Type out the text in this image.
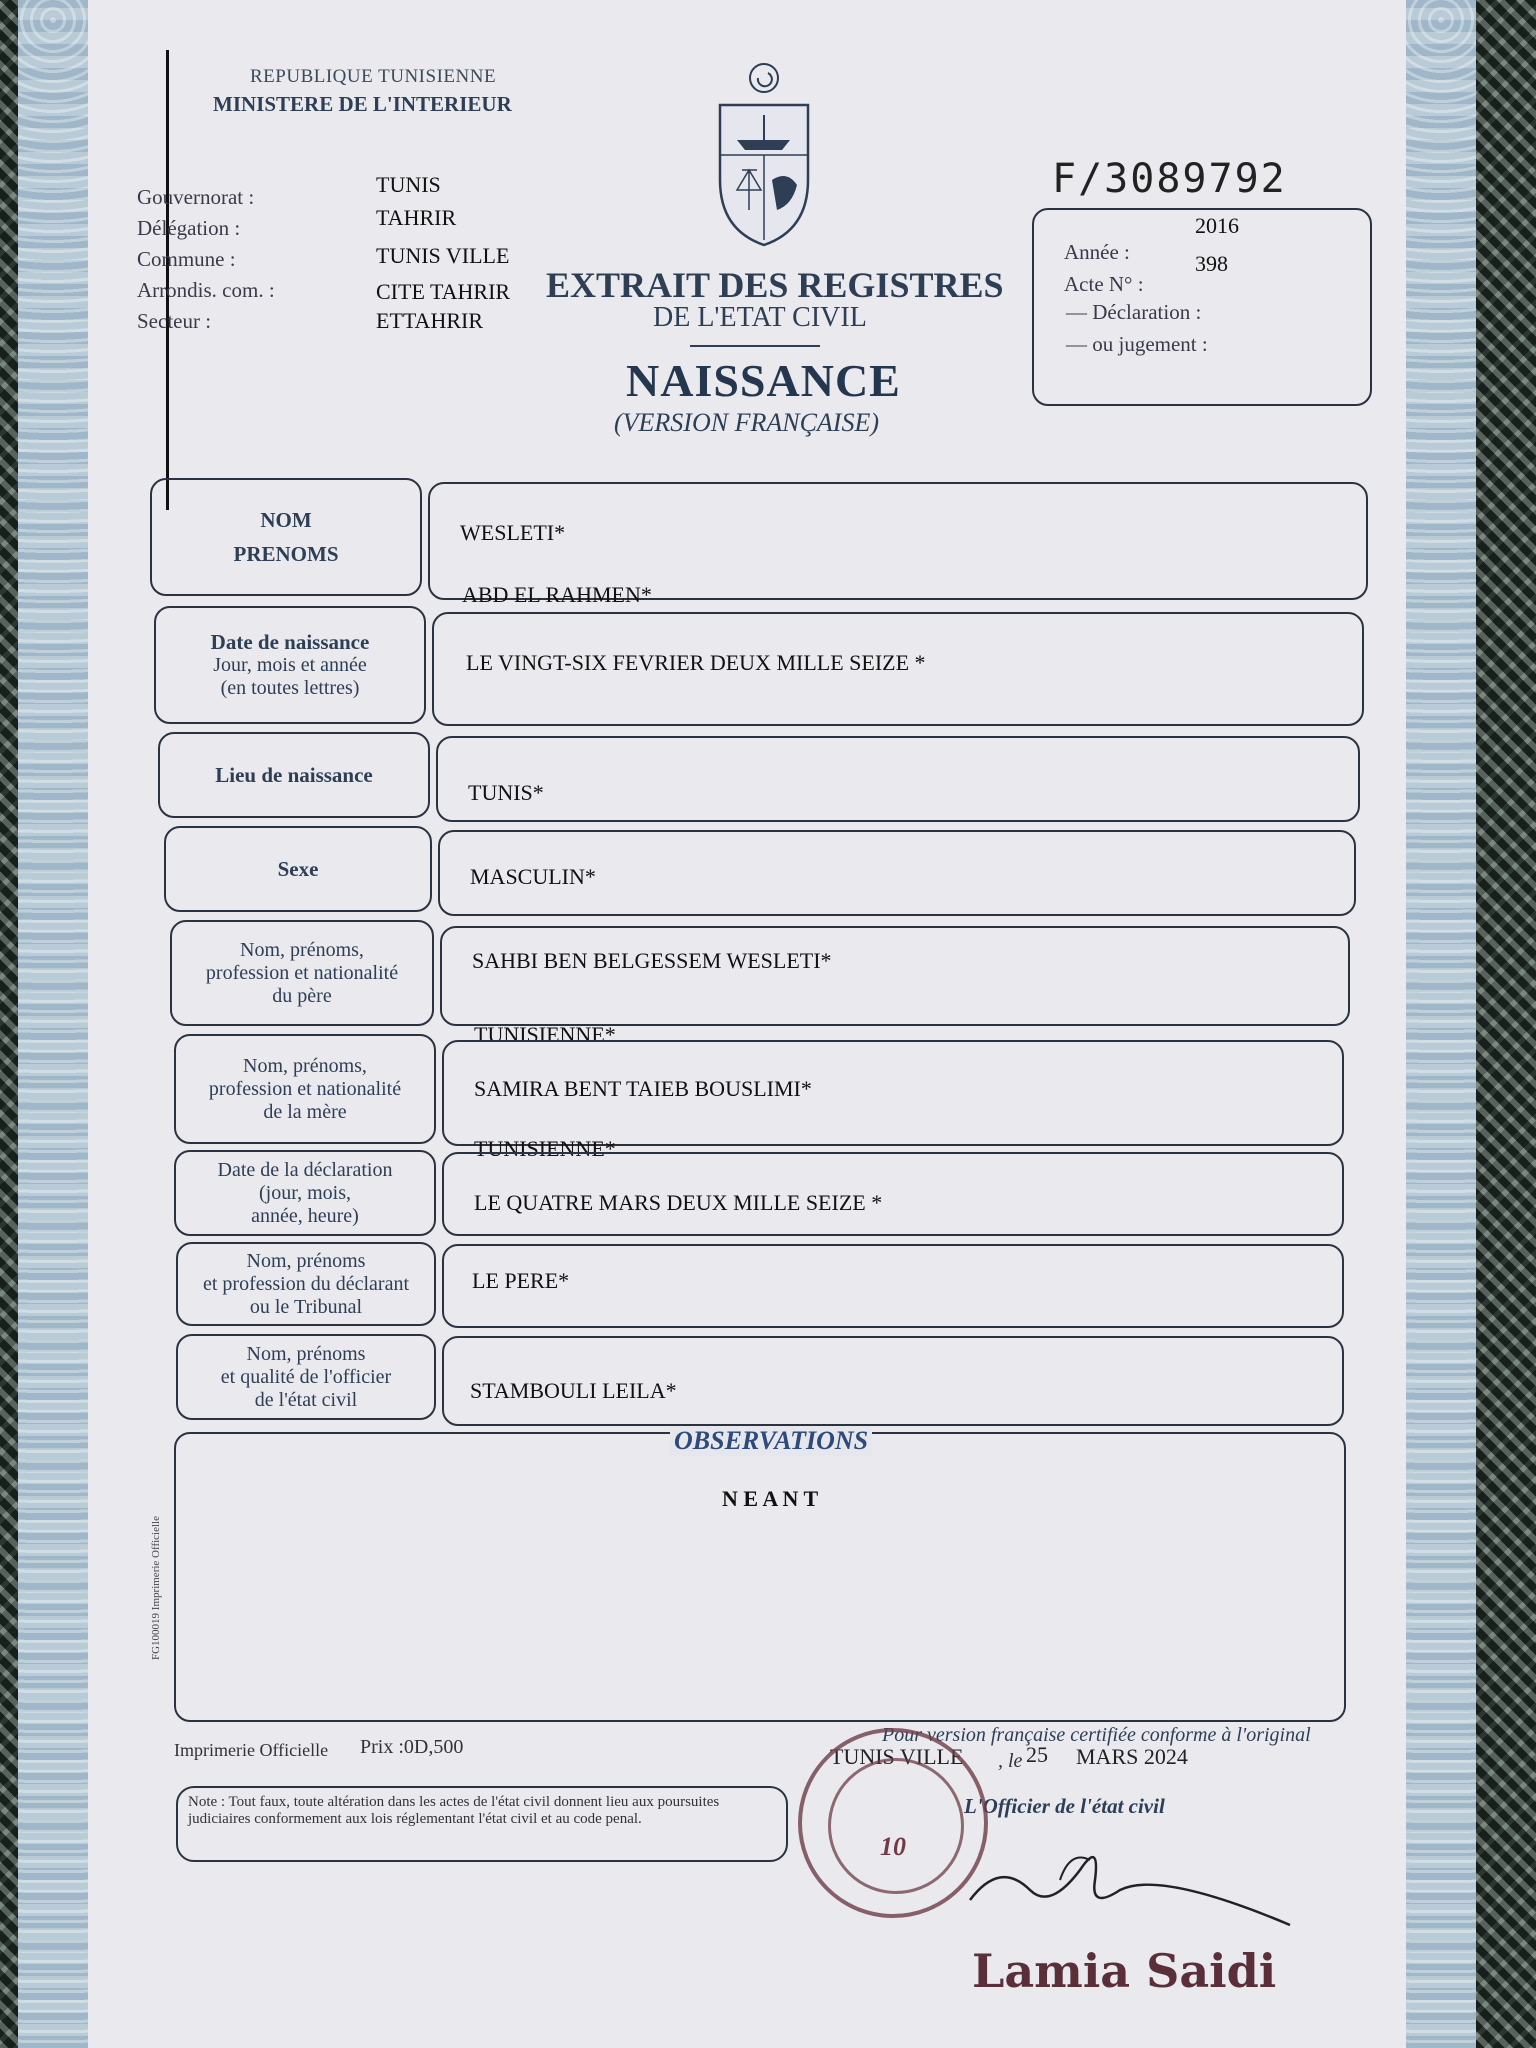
REPUBLIQUE TUNISIENNE
MINISTERE DE L'INTERIEUR
Gouvernorat :
Délégation :
Commune :
Arrondis. com. :
Secteur :
TUNIS
TAHRIR
TUNIS VILLE
CITE TAHRIR
ETTAHRIR
F/3089792
Année :
2016
Acte N° :
398
— Déclaration :
— ou jugement :
EXTRAIT DES REGISTRES
DE L'ETAT CIVIL
NAISSANCE
(VERSION FRANÇAISE)
NOM
PRENOMS
WESLETI*
ABD EL RAHMEN*
Date de naissance
Jour, mois et année
(en toutes lettres)
LE VINGT-SIX FEVRIER DEUX MILLE SEIZE *
Lieu de naissance
TUNIS*
Sexe	MASCULIN*
Nom, prénoms,
profession et nationalité
du père
SAHBI BEN BELGESSEM WESLETI*
TUNISIENNE*
Nom, prénoms,
profession et nationalité
de la mère
SAMIRA BENT TAIEB BOUSLIMI*
TUNISIENNE*
Date de la déclaration
(jour, mois,
année, heure)
LE QUATRE MARS DEUX MILLE SEIZE *
Nom, prénoms
et profession du déclarant
ou le Tribunal
LE PERE*
Nom, prénoms
et qualité de l'officier
de l'état civil	STAMBOULI LEILA*
OBSERVATIONS
N E A N T
FG100019 Imprimerie Officielle
Imprimerie Officielle Prix :0D,500
Pour version française certifiée conforme à l'original
TUNIS VILLE , le 25 MARS 2024
L'Officier de l'état civil
Note : Tout faux, toute altération dans les actes de l'état civil donnent lieu aux poursuites judiciaires conformement aux lois réglementant l'état civil et au code penal.
10
Lamia Saidi
